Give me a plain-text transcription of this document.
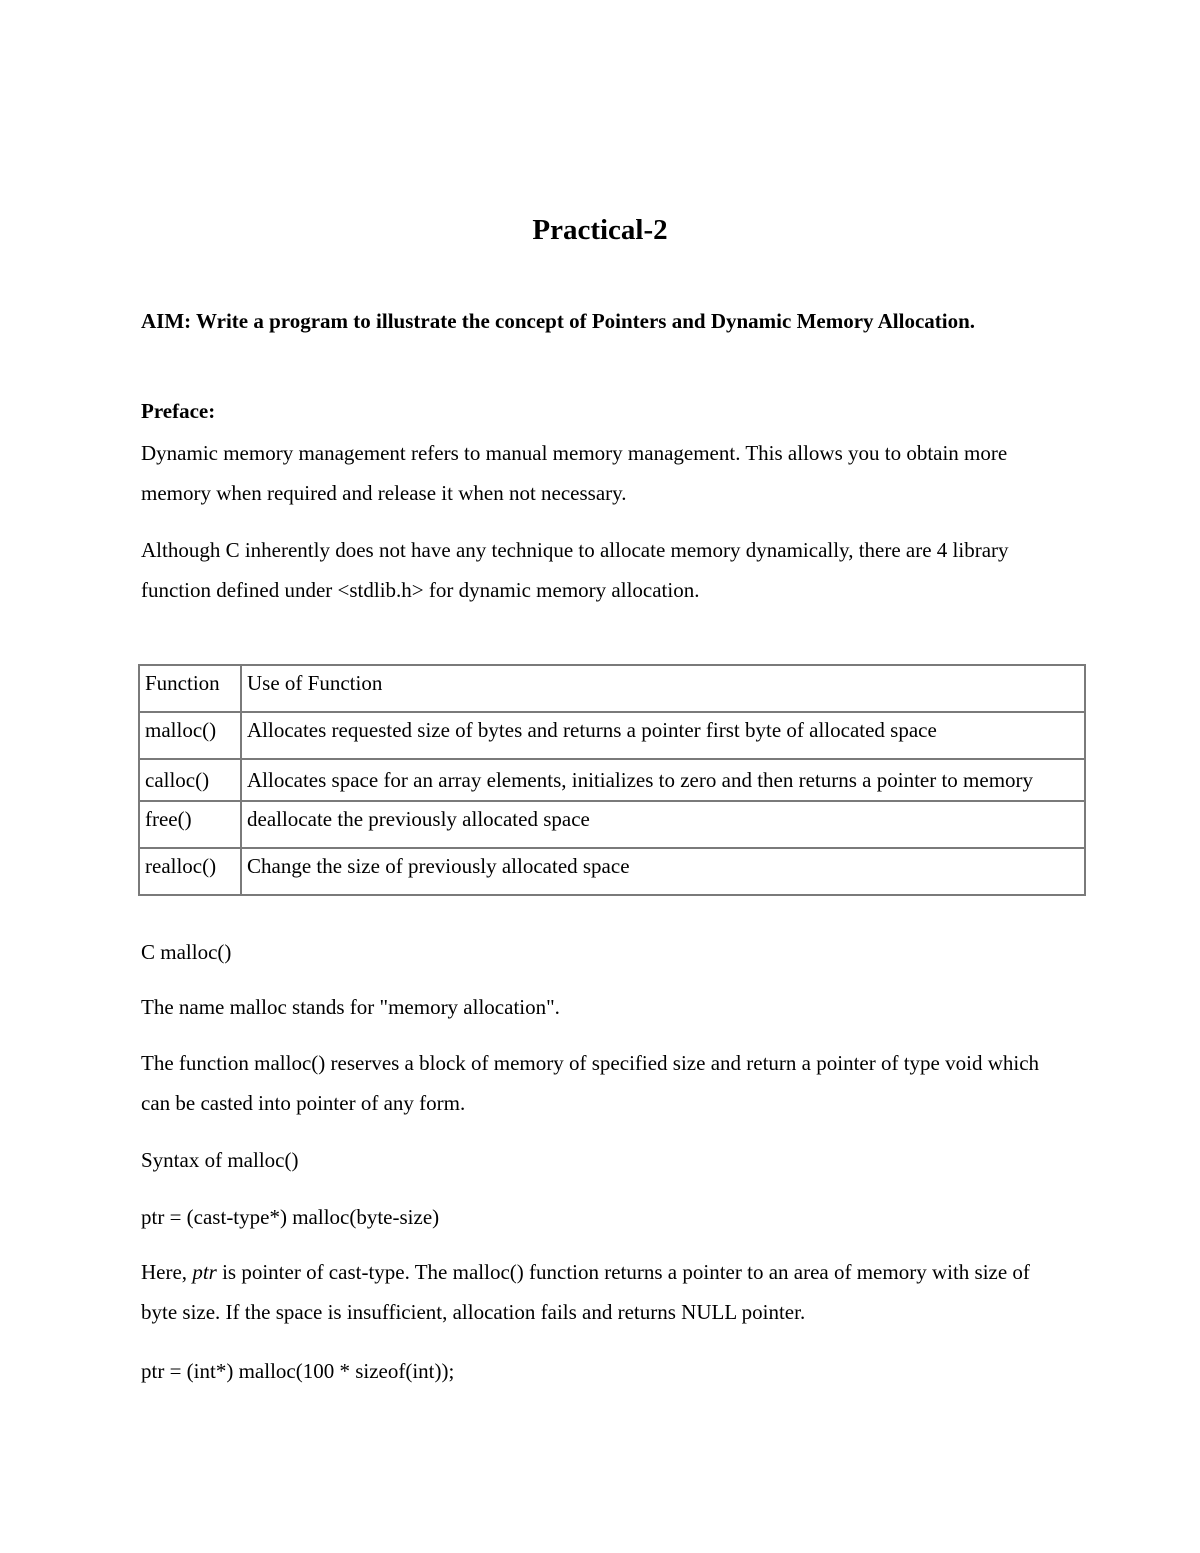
Practical-2

AIM: Write a program to illustrate the concept of Pointers and Dynamic Memory Allocation.

Preface:

Dynamic memory management refers to manual memory management. This allows you to obtain more memory when required and release it when not necessary.

Although C inherently does not have any technique to allocate memory dynamically, there are 4 library function defined under <stdlib.h> for dynamic memory allocation.

Function	Use of Function
malloc()	Allocates requested size of bytes and returns a pointer first byte of allocated space
calloc()	Allocates space for an array elements, initializes to zero and then returns a pointer to memory
free()	deallocate the previously allocated space
realloc()	Change the size of previously allocated space

C malloc()

The name malloc stands for "memory allocation".

The function malloc() reserves a block of memory of specified size and return a pointer of type void which can be casted into pointer of any form.

Syntax of malloc()

ptr = (cast-type*) malloc(byte-size)

Here, ptr is pointer of cast-type. The malloc() function returns a pointer to an area of memory with size of byte size. If the space is insufficient, allocation fails and returns NULL pointer.

ptr = (int*) malloc(100 * sizeof(int));
